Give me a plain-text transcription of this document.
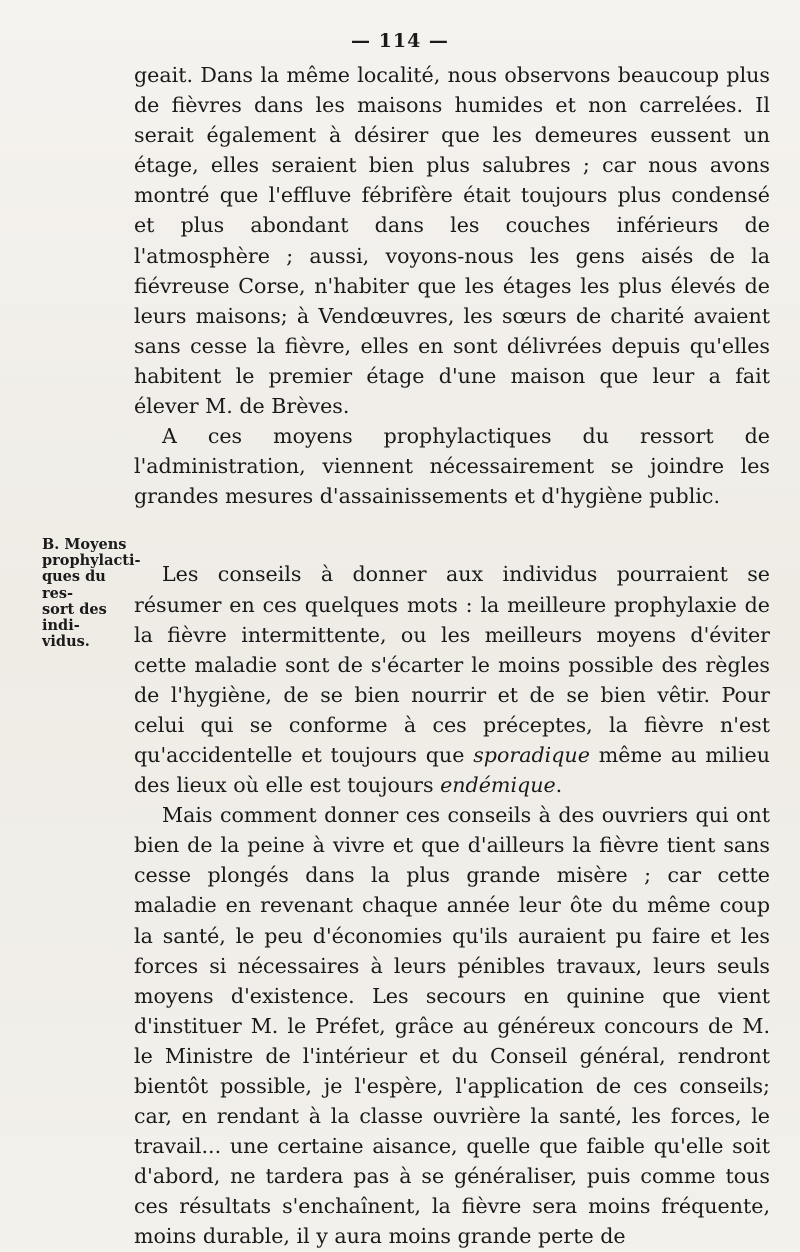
— 114 —
B. Moyens
prophylacti-
ques du res-
sort des indi-
vidus.

geait. Dans la même localité, nous observons beaucoup plus de fièvres dans les maisons humides et non carrelées. Il serait également à désirer que les demeures eussent un étage, elles seraient bien plus salubres ; car nous avons montré que l'effluve fébrifère était toujours plus condensé et plus abondant dans les couches inférieurs de l'atmosphère ; aussi, voyons-nous les gens aisés de la fiévreuse Corse, n'habiter que les étages les plus élevés de leurs maisons; à Vendœuvres, les sœurs de charité avaient sans cesse la fièvre, elles en sont délivrées depuis qu'elles habitent le premier étage d'une maison que leur a fait élever M. de Brèves.

A ces moyens prophylactiques du ressort de l'administration, viennent nécessairement se joindre les grandes mesures d'assainissements et d'hygiène public.

Les conseils à donner aux individus pourraient se résumer en ces quelques mots : la meilleure prophylaxie de la fièvre intermittente, ou les meilleurs moyens d'éviter cette maladie sont de s'écarter le moins possible des règles de l'hygiène, de se bien nourrir et de se bien vêtir. Pour celui qui se conforme à ces préceptes, la fièvre n'est qu'accidentelle et toujours que sporadique même au milieu des lieux où elle est toujours endémique.

Mais comment donner ces conseils à des ouvriers qui ont bien de la peine à vivre et que d'ailleurs la fièvre tient sans cesse plongés dans la plus grande misère ; car cette maladie en revenant chaque année leur ôte du même coup la santé, le peu d'économies qu'ils auraient pu faire et les forces si nécessaires à leurs pénibles travaux, leurs seuls moyens d'existence. Les secours en quinine que vient d'instituer M. le Préfet, grâce au généreux concours de M. le Ministre de l'intérieur et du Conseil général, rendront bientôt possible, je l'espère, l'application de ces conseils; car, en rendant à la classe ouvrière la santé, les forces, le travail... une certaine aisance, quelle que faible qu'elle soit d'abord, ne tardera pas à se généraliser, puis comme tous ces résultats s'enchaînent, la fièvre sera moins fréquente, moins durable, il y aura moins grande perte de
